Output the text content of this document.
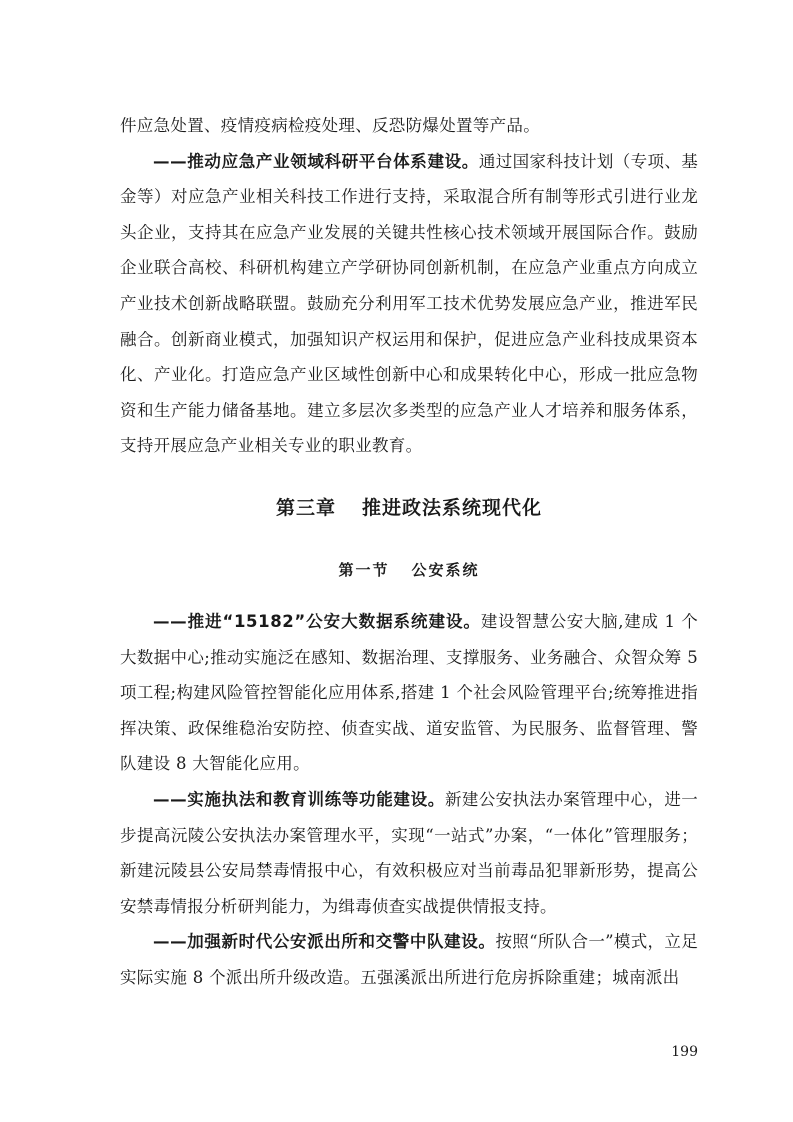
件应急处置、疫情疫病检疫处理、反恐防爆处置等产品。

——推动应急产业领域科研平台体系建设。通过国家科技计划（专项、基金等）对应急产业相关科技工作进行支持，采取混合所有制等形式引进行业龙头企业，支持其在应急产业发展的关键共性核心技术领域开展国际合作。鼓励企业联合高校、科研机构建立产学研协同创新机制，在应急产业重点方向成立产业技术创新战略联盟。鼓励充分利用军工技术优势发展应急产业，推进军民融合。创新商业模式，加强知识产权运用和保护，促进应急产业科技成果资本化、产业化。打造应急产业区域性创新中心和成果转化中心，形成一批应急物资和生产能力储备基地。建立多层次多类型的应急产业人才培养和服务体系，支持开展应急产业相关专业的职业教育。

第三章 推进政法系统现代化
第一节 公安系统

——推进“15182”公安大数据系统建设。建设智慧公安大脑,建成 1 个大数据中心;推动实施泛在感知、数据治理、支撑服务、业务融合、众智众筹 5 项工程;构建风险管控智能化应用体系,搭建 1 个社会风险管理平台;统筹推进指挥决策、政保维稳治安防控、侦查实战、道安监管、为民服务、监督管理、警队建设 8 大智能化应用。

——实施执法和教育训练等功能建设。新建公安执法办案管理中心，进一步提高沅陵公安执法办案管理水平，实现“一站式”办案，“一体化”管理服务；新建沅陵县公安局禁毒情报中心，有效积极应对当前毒品犯罪新形势，提高公安禁毒情报分析研判能力，为缉毒侦查实战提供情报支持。

——加强新时代公安派出所和交警中队建设。按照“所队合一”模式，立足实际实施 8 个派出所升级改造。五强溪派出所进行危房拆除重建；城南派出

199
